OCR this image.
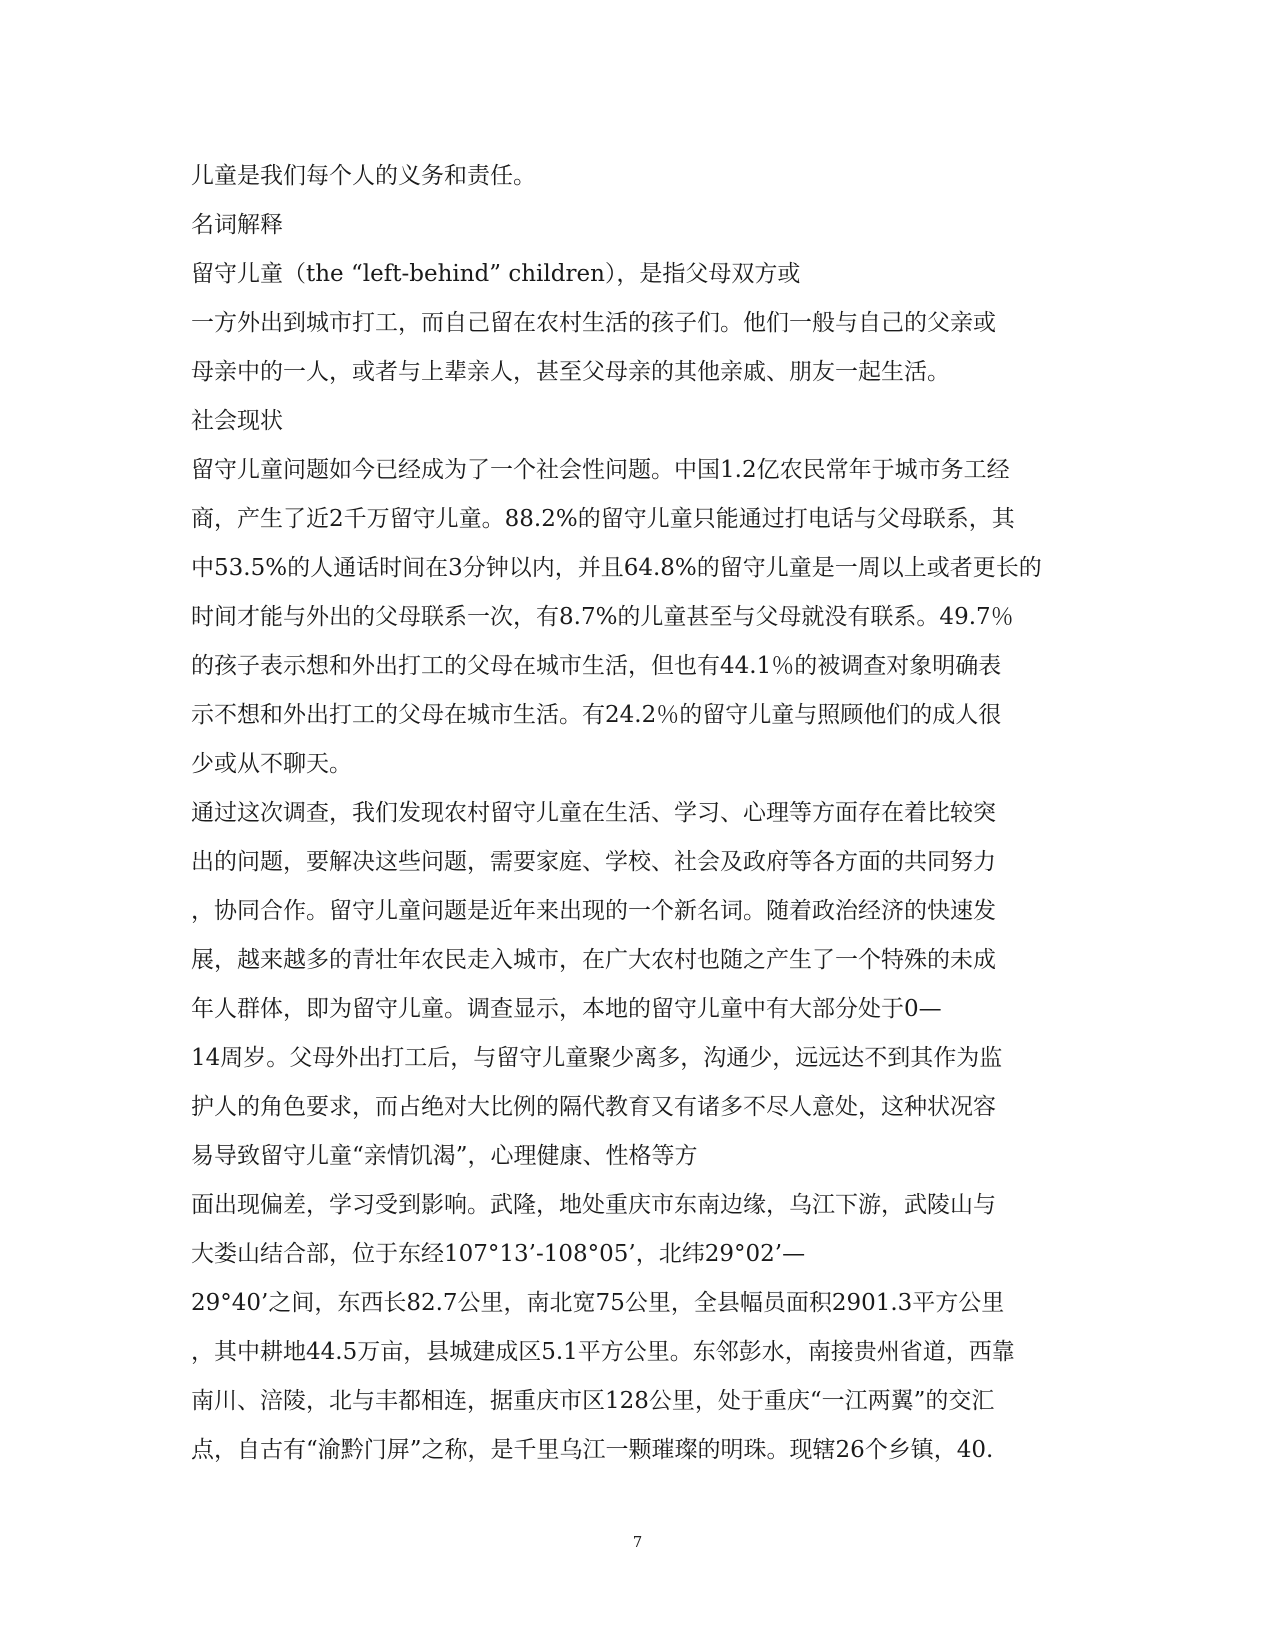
儿童是我们每个人的义务和责任。
名词解释
留守儿童（the “left-behind” children），是指父母双方或
一方外出到城市打工，而自己留在农村生活的孩子们。他们一般与自己的父亲或
母亲中的一人，或者与上辈亲人，甚至父母亲的其他亲戚、朋友一起生活。
社会现状
留守儿童问题如今已经成为了一个社会性问题。中国1.2亿农民常年于城市务工经
商，产生了近2千万留守儿童。88.2%的留守儿童只能通过打电话与父母联系，其
中53.5%的人通话时间在3分钟以内，并且64.8%的留守儿童是一周以上或者更长的
时间才能与外出的父母联系一次，有8.7%的儿童甚至与父母就没有联系。49.7％
的孩子表示想和外出打工的父母在城市生活，但也有44.1％的被调查对象明确表
示不想和外出打工的父母在城市生活。有24.2％的留守儿童与照顾他们的成人很
少或从不聊天。
通过这次调查，我们发现农村留守儿童在生活、学习、心理等方面存在着比较突
出的问题，要解决这些问题，需要家庭、学校、社会及政府等各方面的共同努力
，协同合作。留守儿童问题是近年来出现的一个新名词。随着政治经济的快速发
展，越来越多的青壮年农民走入城市，在广大农村也随之产生了一个特殊的未成
年人群体，即为留守儿童。调查显示，本地的留守儿童中有大部分处于0—
14周岁。父母外出打工后，与留守儿童聚少离多，沟通少，远远达不到其作为监
护人的角色要求，而占绝对大比例的隔代教育又有诸多不尽人意处，这种状况容
易导致留守儿童“亲情饥渴”，心理健康、性格等方
面出现偏差，学习受到影响。武隆，地处重庆市东南边缘，乌江下游，武陵山与
大娄山结合部，位于东经107°13’-108°05’，北纬29°02’—
29°40’之间，东西长82.7公里，南北宽75公里，全县幅员面积2901.3平方公里
，其中耕地44.5万亩，县城建成区5.1平方公里。东邻彭水，南接贵州省道，西靠
南川、涪陵，北与丰都相连，据重庆市区128公里，处于重庆“一江两翼”的交汇
点，自古有“渝黔门屏”之称，是千里乌江一颗璀璨的明珠。现辖26个乡镇，40.
7
